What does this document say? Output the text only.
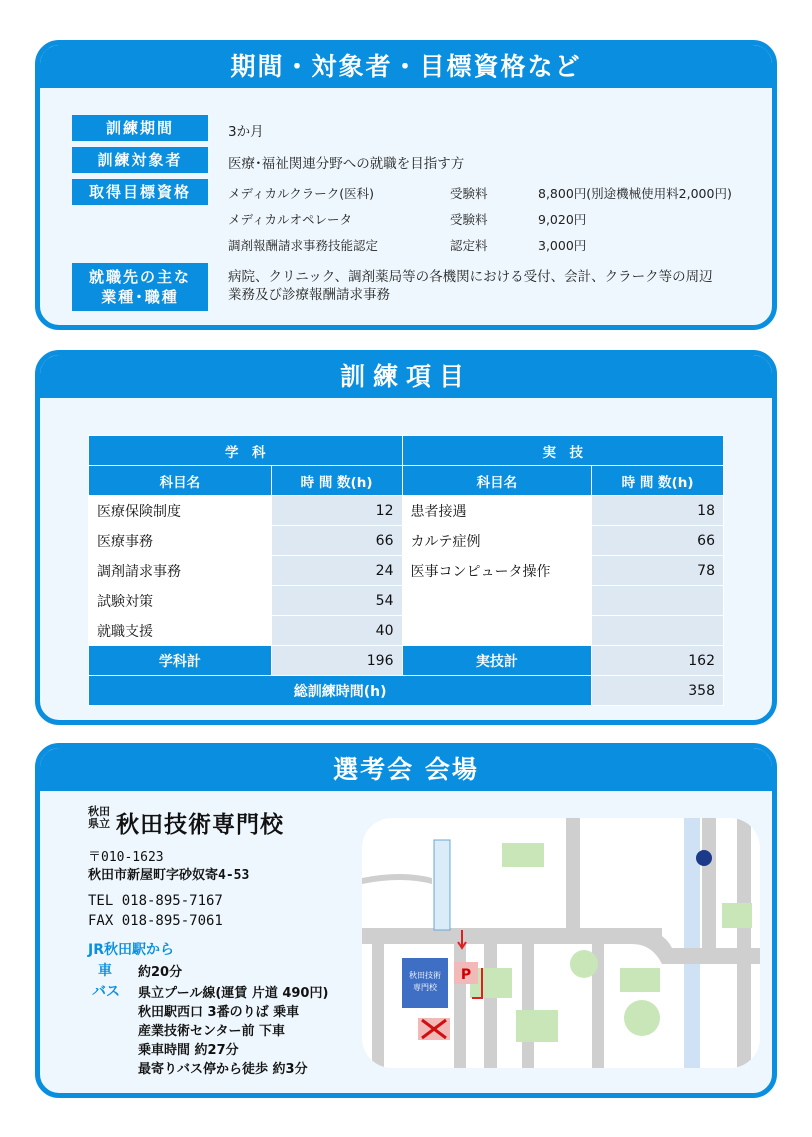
期間・対象者・目標資格など
訓練期間	3か月
訓練対象者	医療･福祉関連分野への就職を目指す方
取得目標資格	メディカルクラーク(医科)	受験料	8,800円(別途機械使用料2,000円)
メディカルオペレータ	受験料	9,020円
調剤報酬請求事務技能認定	認定料	3,000円
就職先の主な
業種･職種
病院、クリニック、調剤薬局等の各機関における受付、会計、クラーク等の周辺
業務及び診療報酬請求事務
訓練項目
学　科		実　技	
科目名	時 間 数(h)	科目名	時 間 数(h)
医療保険制度	12	患者接遇	18
医療事務	66	カルテ症例	66
調剤請求事務	24	医事コンピュータ操作	78
試験対策	54		
就職支援	40		
学科計	196	実技計	162
総訓練時間(h)			358
選考会 会場
秋田
県立 秋田技術専門校
〒010-1623
秋田市新屋町字砂奴寄4-53
TEL 018-895-7167
FAX 018-895-7061
JR秋田駅から
車 約20分
バス 県立プール線(運賃 片道 490円)
秋田駅西口 3番のりば 乗車
産業技術センター前 下車
乗車時間 約27分
最寄りバス停から徒歩 約3分
秋田技術
専門校
P
